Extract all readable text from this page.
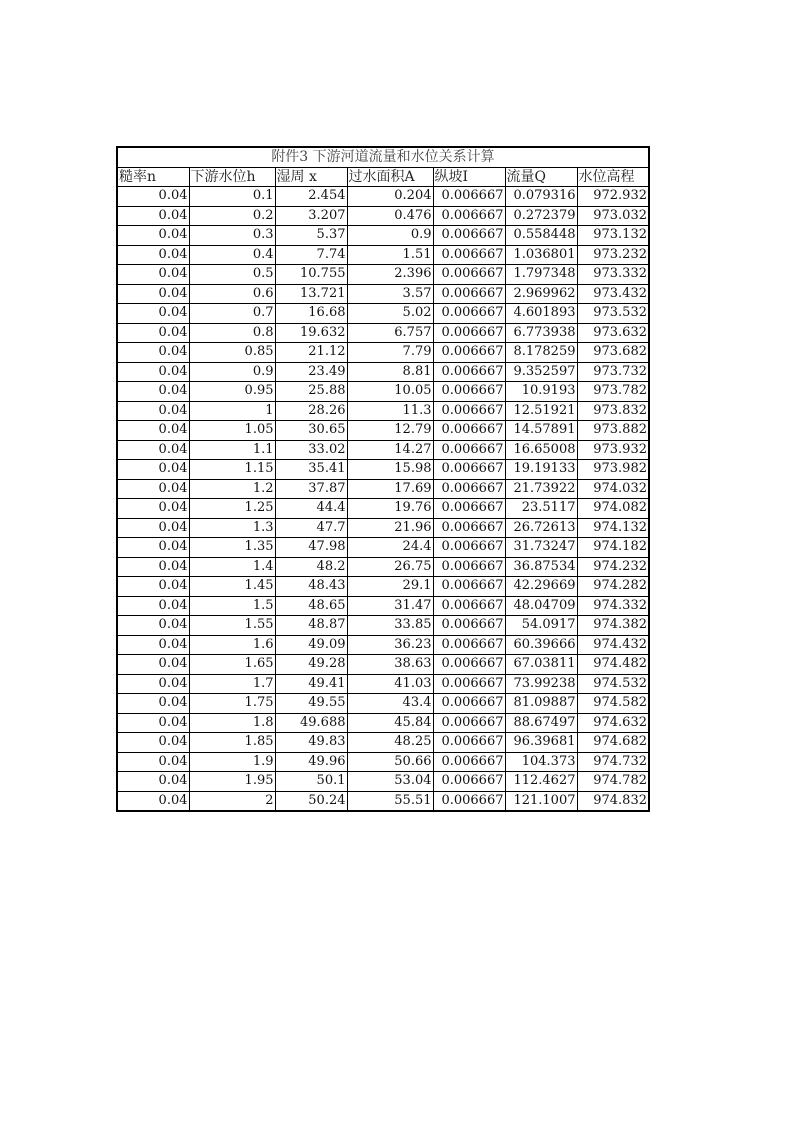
附件3 下游河道流量和水位关系计算						
糙率n	下游水位h	湿周 x	过水面积A	纵坡I	流量Q	水位高程
0.04	0.1	2.454	0.204	0.006667	0.079316	972.932
0.04	0.2	3.207	0.476	0.006667	0.272379	973.032
0.04	0.3	5.37	0.9	0.006667	0.558448	973.132
0.04	0.4	7.74	1.51	0.006667	1.036801	973.232
0.04	0.5	10.755	2.396	0.006667	1.797348	973.332
0.04	0.6	13.721	3.57	0.006667	2.969962	973.432
0.04	0.7	16.68	5.02	0.006667	4.601893	973.532
0.04	0.8	19.632	6.757	0.006667	6.773938	973.632
0.04	0.85	21.12	7.79	0.006667	8.178259	973.682
0.04	0.9	23.49	8.81	0.006667	9.352597	973.732
0.04	0.95	25.88	10.05	0.006667	10.9193	973.782
0.04	1	28.26	11.3	0.006667	12.51921	973.832
0.04	1.05	30.65	12.79	0.006667	14.57891	973.882
0.04	1.1	33.02	14.27	0.006667	16.65008	973.932
0.04	1.15	35.41	15.98	0.006667	19.19133	973.982
0.04	1.2	37.87	17.69	0.006667	21.73922	974.032
0.04	1.25	44.4	19.76	0.006667	23.5117	974.082
0.04	1.3	47.7	21.96	0.006667	26.72613	974.132
0.04	1.35	47.98	24.4	0.006667	31.73247	974.182
0.04	1.4	48.2	26.75	0.006667	36.87534	974.232
0.04	1.45	48.43	29.1	0.006667	42.29669	974.282
0.04	1.5	48.65	31.47	0.006667	48.04709	974.332
0.04	1.55	48.87	33.85	0.006667	54.0917	974.382
0.04	1.6	49.09	36.23	0.006667	60.39666	974.432
0.04	1.65	49.28	38.63	0.006667	67.03811	974.482
0.04	1.7	49.41	41.03	0.006667	73.99238	974.532
0.04	1.75	49.55	43.4	0.006667	81.09887	974.582
0.04	1.8	49.688	45.84	0.006667	88.67497	974.632
0.04	1.85	49.83	48.25	0.006667	96.39681	974.682
0.04	1.9	49.96	50.66	0.006667	104.373	974.732
0.04	1.95	50.1	53.04	0.006667	112.4627	974.782
0.04	2	50.24	55.51	0.006667	121.1007	974.832
